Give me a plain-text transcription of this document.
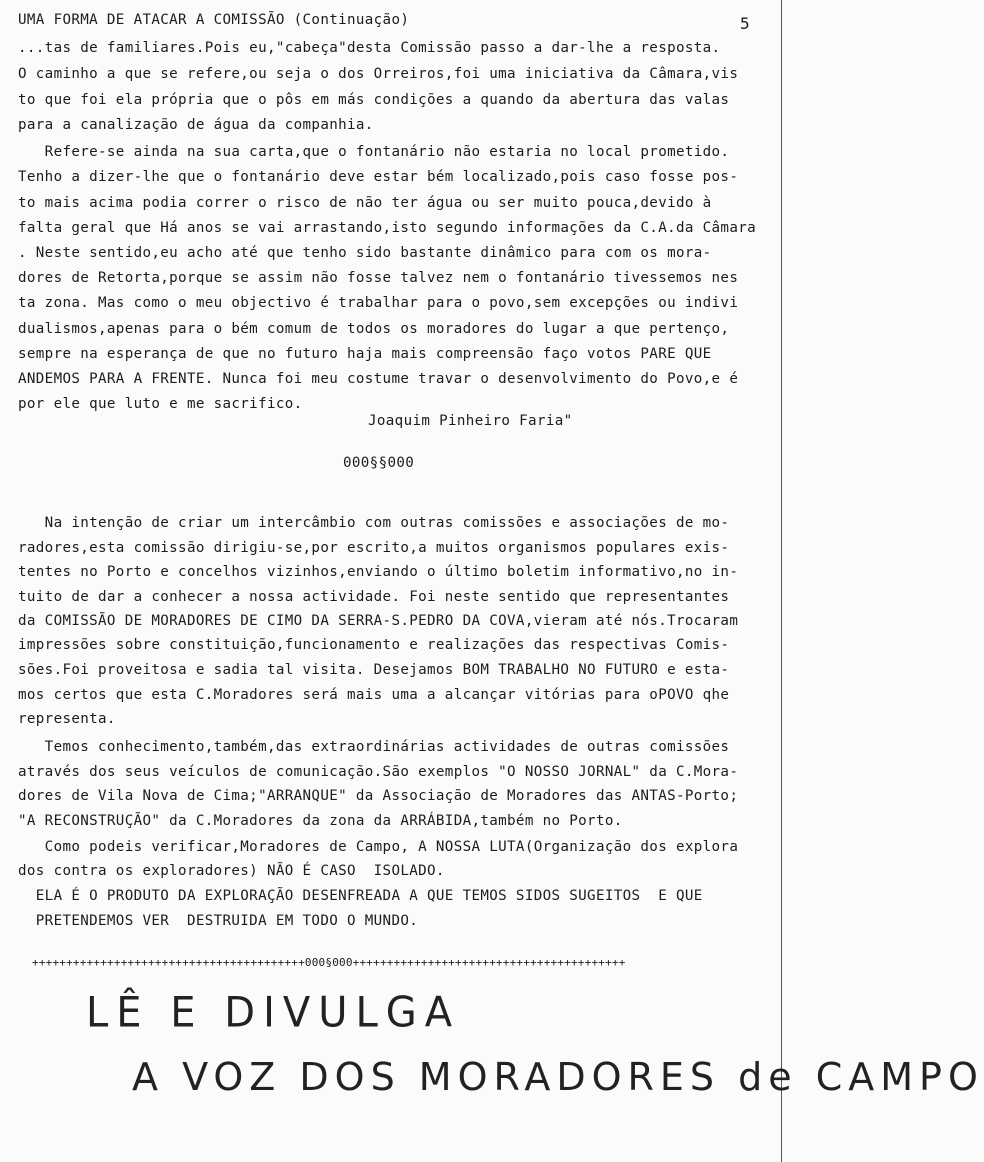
UMA FORMA DE ATACAR A COMISSÃO (Continuação)	5
...tas de familiares.Pois eu,"cabeça"desta Comissão passo a dar-lhe a resposta.
O caminho a que se refere,ou seja o dos Orreiros,foi uma iniciativa da Câmara,vis
to que foi ela própria que o pôs em más condições a quando da abertura das valas
para a canalização de água da companhia.
Refere-se ainda na sua carta,que o fontanário não estaria no local prometido.
Tenho a dizer-lhe que o fontanário deve estar bém localizado,pois caso fosse pos-
to mais acima podia correr o risco de não ter água ou ser muito pouca,devido à
falta geral que Há anos se vai arrastando,isto segundo informações da C.A.da Câmara
. Neste sentido,eu acho até que tenho sido bastante dinâmico para com os mora-
dores de Retorta,porque se assim não fosse talvez nem o fontanário tivessemos nes
ta zona. Mas como o meu objectivo é trabalhar para o povo,sem excepções ou indivi
dualismos,apenas para o bém comum de todos os moradores do lugar a que pertenço,
sempre na esperança de que no futuro haja mais compreensão faço votos PARE QUE
ANDEMOS PARA A FRENTE. Nunca foi meu costume travar o desenvolvimento do Povo,e é
por ele que luto e me sacrifico.
Joaquim Pinheiro Faria"
000§§000
Na intenção de criar um intercâmbio com outras comissões e associações de mo-
radores,esta comissão dirigiu-se,por escrito,a muitos organismos populares exis-
tentes no Porto e concelhos vizinhos,enviando o último boletim informativo,no in-
tuito de dar a conhecer a nossa actividade. Foi neste sentido que representantes
da COMISSÃO DE MORADORES DE CIMO DA SERRA-S.PEDRO DA COVA,vieram até nós.Trocaram
impressões sobre constituição,funcionamento e realizações das respectivas Comis-
sões.Foi proveitosa e sadia tal visita. Desejamos BOM TRABALHO NO FUTURO e esta-
mos certos que esta C.Moradores será mais uma a alcançar vitórias para oPOVO qhe
representa.
Temos conhecimento,também,das extraordinárias actividades de outras comissões
através dos seus veículos de comunicação.São exemplos "O NOSSO JORNAL" da C.Mora-
dores de Vila Nova de Cima;"ARRANQUE" da Associação de Moradores das ANTAS-Porto;
"A RECONSTRUÇÃO" da C.Moradores da zona da ARRÁBIDA,também no Porto.
Como podeis verificar,Moradores de Campo, A NOSSA LUTA(Organização dos explora
dos contra os exploradores) NÃO É CASO  ISOLADO.
ELA É O PRODUTO DA EXPLORAÇÃO DESENFREADA A QUE TEMOS SIDOS SUGEITOS  E QUE
PRETENDEMOS VER  DESTRUIDA EM TODO O MUNDO.
++++++++++++++++++++++++++++++++++++++++000§000++++++++++++++++++++++++++++++++++++++++
LÊ E DIVULGA
A VOZ DOS MORADORES de CAMPO
